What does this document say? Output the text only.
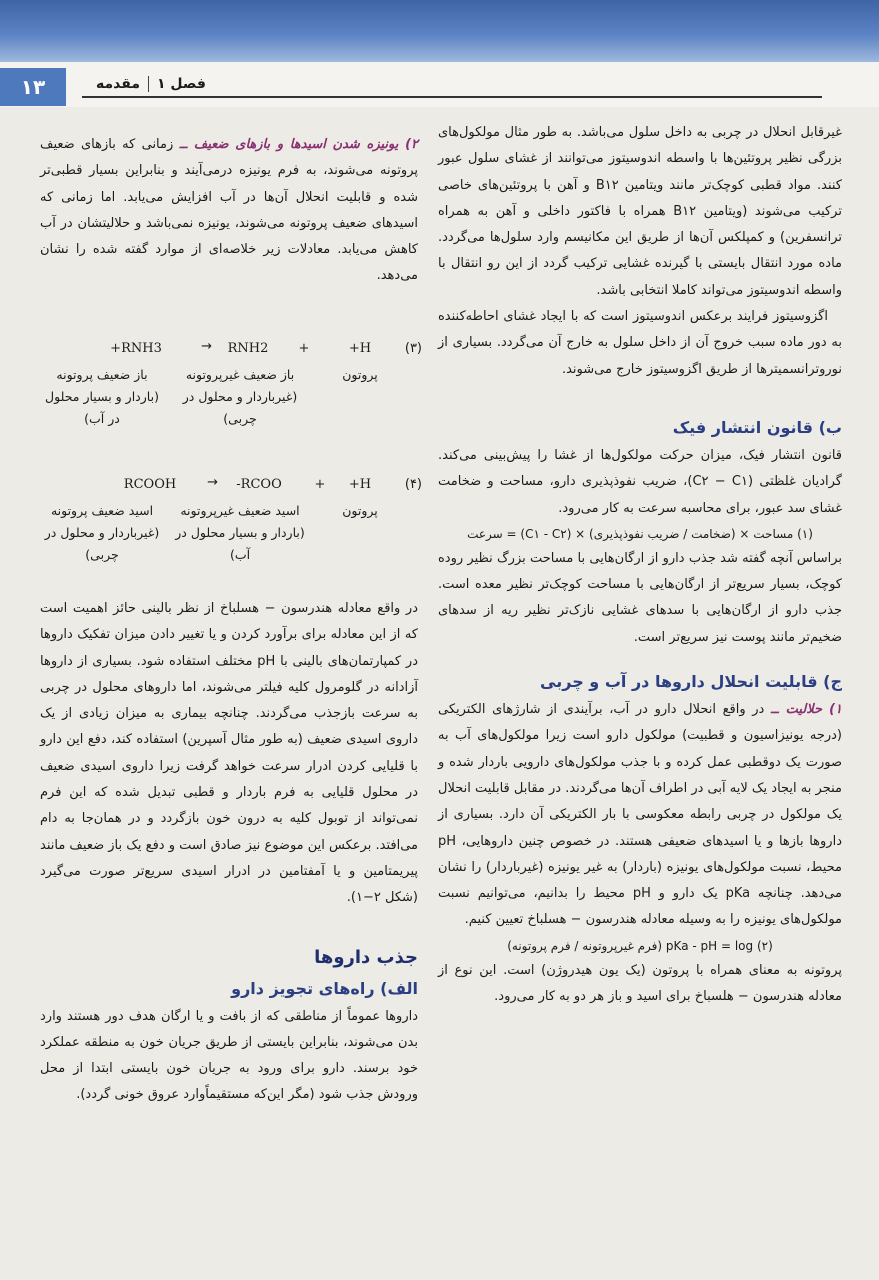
۱۳	فصل ۱مقدمه

غیرقابل انحلال در چربی به داخل سلول می‌باشد. به طور مثال مولکول‌های بزرگی نظیر پروتئین‌ها با واسطه اندوسیتوز می‌توانند از غشای سلول عبور کنند. مواد قطبی کوچک‌تر مانند ویتامین B۱۲ و آهن با پروتئین‌های خاصی ترکیب می‌شوند (ویتامین B۱۲ همراه با فاکتور داخلی و آهن به همراه ترانسفرین) و کمپلکس آن‌ها از طریق این مکانیسم وارد سلول‌ها می‌گردد. ماده مورد انتقال بایستی با گیرنده غشایی ترکیب گردد از این رو انتقال با واسطه اندوسیتوز می‌تواند کاملا انتخابی باشد.

اگزوسیتوز فرایند برعکس اندوسیتوز است که با ایجاد غشای احاطه‌کننده به دور ماده سبب خروج آن از داخل سلول به خارج آن می‌گردد. بسیاری از نوروترانسمیترها از طریق اگزوسیتوز خارج می‌شوند.

ب) قانون انتشار فیک

قانون انتشار فیک، میزان حرکت مولکول‌ها از غشا را پیش‌بینی می‌کند. گرادیان غلظتی (C۲ − C۱)، ضریب نفوذپذیری دارو، مساحت و ضخامت غشای سد عبور، برای محاسبه سرعت به کار می‌رود.

(۱) مساحت × (ضخامت / ضریب نفوذپذیری) × (C۱ - C۲) = سرعت

براساس آنچه گفته شد جذب دارو از ارگان‌هایی با مساحت بزرگ نظیر روده کوچک، بسیار سریع‌تر از ارگان‌هایی با مساحت کوچک‌تر نظیر معده است. جذب دارو از ارگان‌هایی با سدهای غشایی نازک‌تر نظیر ریه از سدهای ضخیم‌تر مانند پوست نیز سریع‌تر است.

ج) قابلیت انحلال داروها در آب و چربی

۱) حلالیت ــ در واقع انحلال دارو در آب، برآیندی از شارژهای الکتریکی (درجه یونیزاسیون و قطبیت) مولکول دارو است زیرا مولکول‌های آب به صورت یک دوقطبی عمل کرده و با جذب مولکول‌های دارویی باردار شده و منجر به ایجاد یک لایه آبی در اطراف آن‌ها می‌گردند. در مقابل قابلیت انحلال یک مولکول در چربی رابطه معکوسی با بار الکتریکی آن دارد. بسیاری از داروها بازها و یا اسیدهای ضعیفی هستند. در خصوص چنین داروهایی، pH محیط، نسبت مولکول‌های یونیزه (باردار) به غیر یونیزه (غیرباردار) را نشان می‌دهد. چنانچه pKa یک دارو و pH محیط را بدانیم، می‌توانیم نسبت مولکول‌های یونیزه را به وسیله معادله هندرسون − هسلباخ تعیین کنیم.

(۲) pKa - pH = log (فرم غیرپروتونه / فرم پروتونه)

پروتونه به معنای همراه با پروتون (یک یون هیدروژن) است. این نوع از معادله هندرسون − هلسباخ برای اسید و باز هر دو به کار می‌رود.

۲) یونیزه شدن اسیدها و بازهای ضعیف ــ زمانی که بازهای ضعیف پروتونه می‌شوند، به فرم یونیزه درمی‌آیند و بنابراین بسیار قطبی‌تر شده و قابلیت انحلال آن‌ها در آب افزایش می‌یابد. اما زمانی که اسیدهای ضعیف پروتونه می‌شوند، یونیزه نمی‌باشد و حلالیتشان در آب کاهش می‌یابد. معادلات زیر خلاصه‌ای از موارد گفته شده را نشان می‌دهد.

(۳)
H+
+
RNH2
→
RNH3+
پروتون
باز ضعیف غیرپروتونه (غیرباردار و محلول در چربی)
باز ضعیف پروتونه (باردار و بسیار محلول در آب)
(۴)
H+
+
RCOO-
→
RCOOH
پروتون
اسید ضعیف غیرپروتونه (باردار و بسیار محلول در آب)
اسید ضعیف پروتونه (غیرباردار و محلول در چربی)

در واقع معادله هندرسون − هسلباخ از نظر بالینی حائز اهمیت است که از این معادله برای برآورد کردن و یا تغییر دادن میزان تفکیک داروها در کمپارتمان‌های بالینی با pH مختلف استفاده شود. بسیاری از داروها آزادانه در گلومرول کلیه فیلتر می‌شوند، اما داروهای محلول در چربی به سرعت بازجذب می‌گردند. چنانچه بیماری به میزان زیادی از یک داروی اسیدی ضعیف (به طور مثال آسپرین) استفاده کند، دفع این دارو با قلیایی کردن ادرار سرعت خواهد گرفت زیرا داروی اسیدی ضعیف در محلول قلیایی به فرم باردار و قطبی تبدیل شده که این فرم نمی‌تواند از توبول کلیه به درون خون بازگردد و در همان‌جا به دام می‌افتد. برعکس این موضوع نیز صادق است و دفع یک باز ضعیف مانند پیریمتامین و یا آمفتامین در ادرار اسیدی سریع‌تر صورت می‌گیرد (شکل ۲−۱).

جذب داروها
الف) راه‌های تجویز دارو

داروها عموماً از مناطقی که از بافت و یا ارگان هدف دور هستند وارد بدن می‌شوند، بنابراین بایستی از طریق جریان خون به منطقه عملکرد خود برسند. دارو برای ورود به جریان خون بایستی ابتدا از محل ورودش جذب شود (مگر این‌که مستقیماًوارد عروق خونی گردد).
